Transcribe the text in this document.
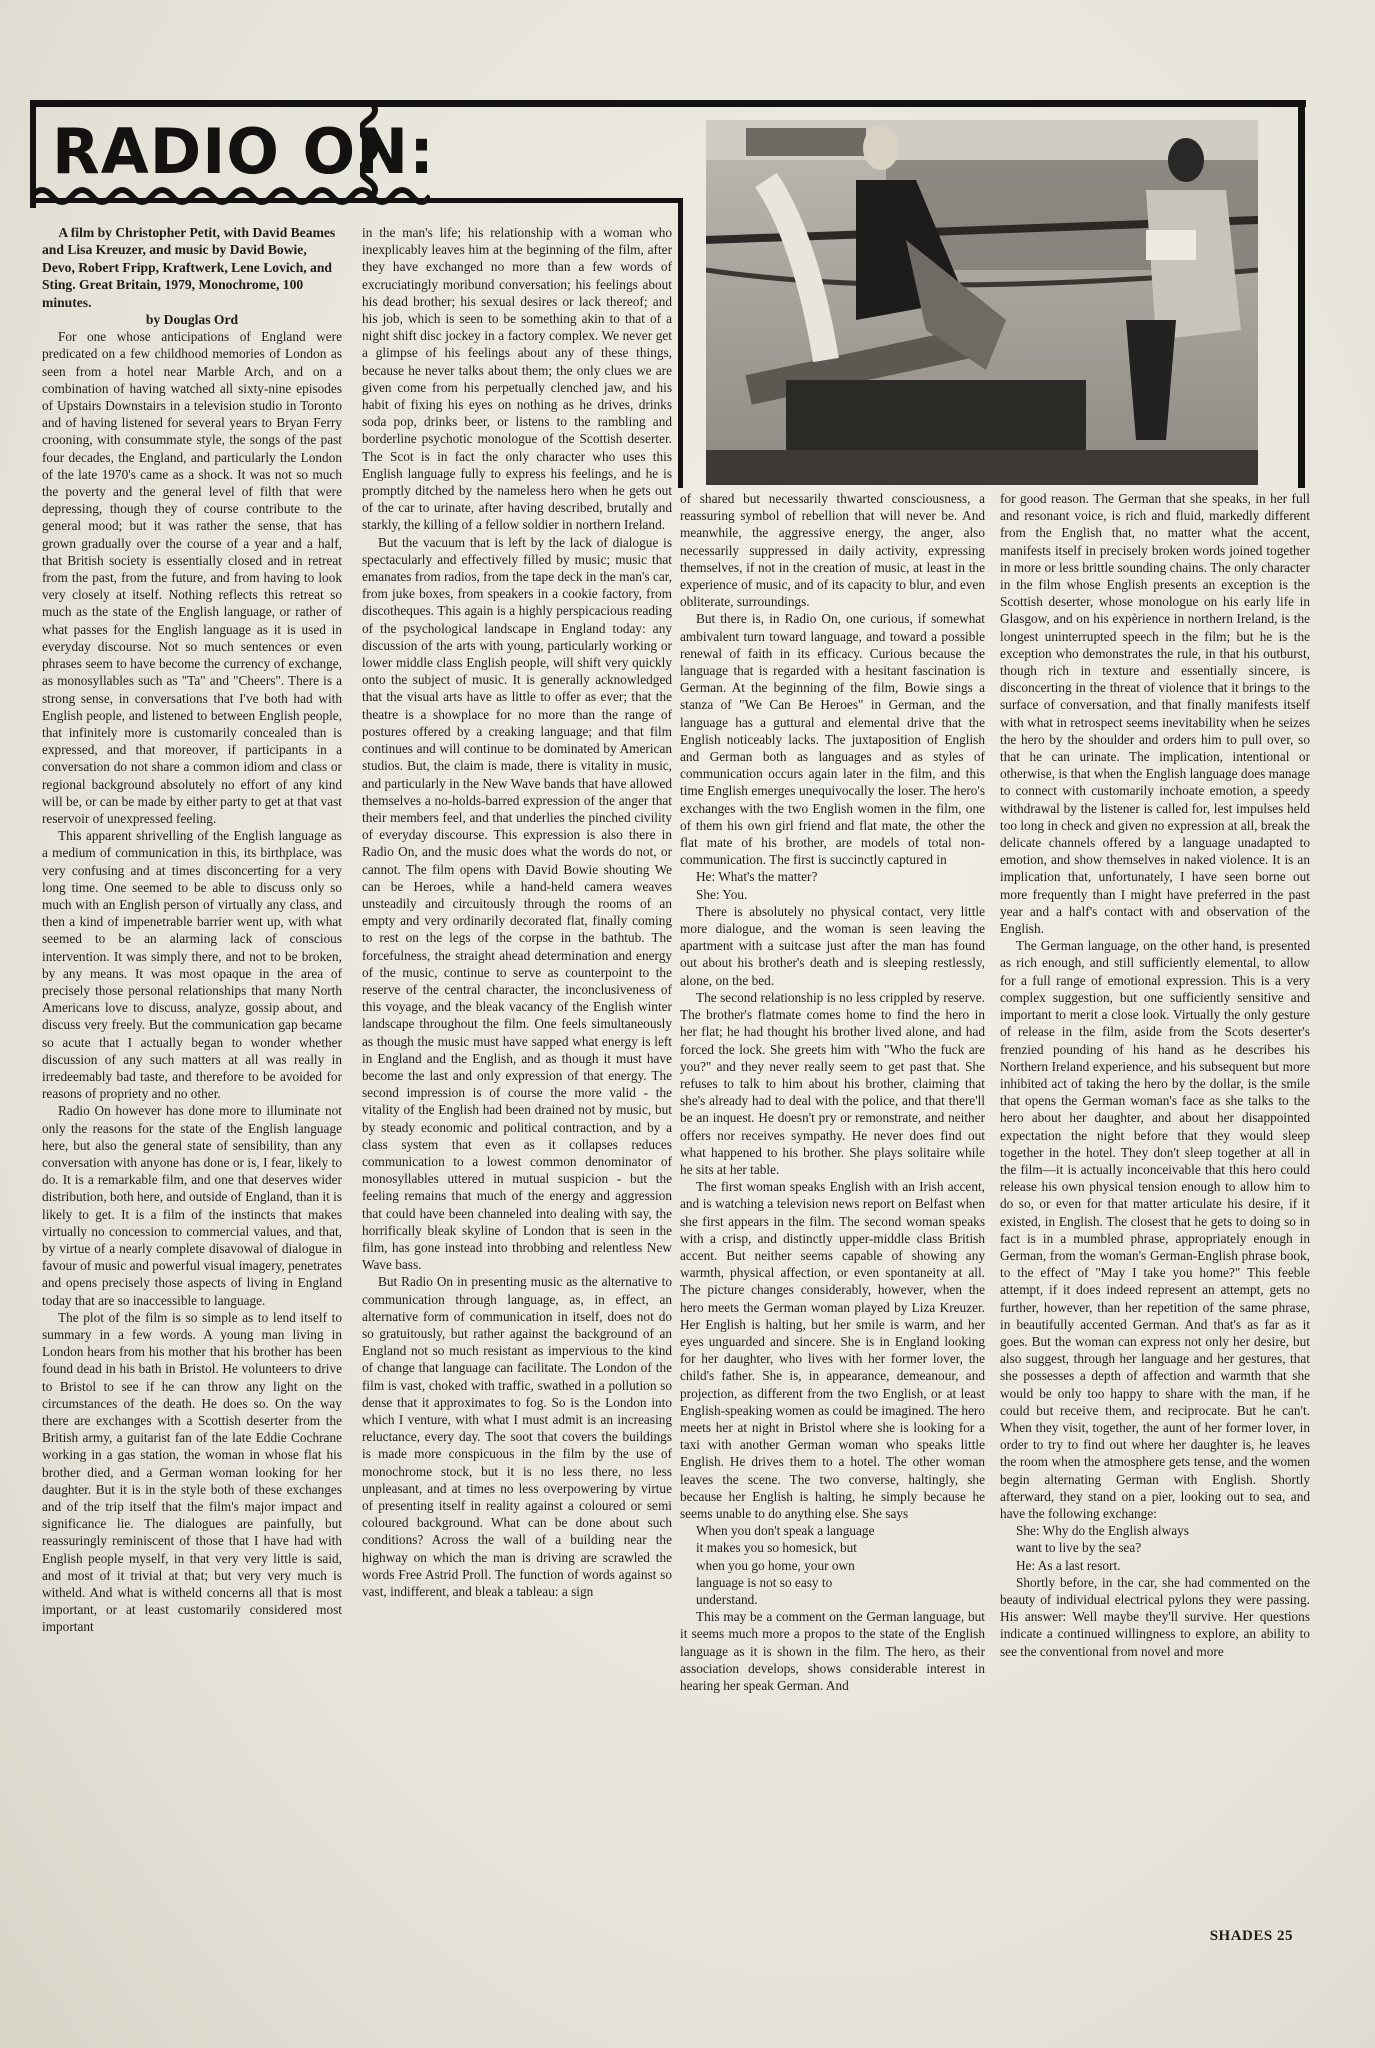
RADIO ON:

A film by Christopher Petit, with David Beames and Lisa Kreuzer, and music by David Bowie, Devo, Robert Fripp, Kraftwerk, Lene Lovich, and Sting. Great Britain, 1979, Monochrome, 100 minutes.

by Douglas Ord

For one whose anticipations of England were predicated on a few childhood memories of London as seen from a hotel near Marble Arch, and on a combination of having watched all sixty-nine episodes of Upstairs Downstairs in a television studio in Toronto and of having listened for several years to Bryan Ferry crooning, with consummate style, the songs of the past four decades, the England, and particularly the London of the late 1970's came as a shock. It was not so much the poverty and the general level of filth that were depressing, though they of course contribute to the general mood; but it was rather the sense, that has grown gradually over the course of a year and a half, that British society is essentially closed and in retreat from the past, from the future, and from having to look very closely at itself. Nothing reflects this retreat so much as the state of the English language, or rather of what passes for the English language as it is used in everyday discourse. Not so much sentences or even phrases seem to have become the currency of exchange, as monosyllables such as "Ta" and "Cheers". There is a strong sense, in conversations that I've both had with English people, and listened to between English people, that infinitely more is customarily concealed than is expressed, and that moreover, if participants in a conversation do not share a common idiom and class or regional background absolutely no effort of any kind will be, or can be made by either party to get at that vast reservoir of unexpressed feeling.

This apparent shrivelling of the English language as a medium of communication in this, its birthplace, was very confusing and at times disconcerting for a very long time. One seemed to be able to discuss only so much with an English person of virtually any class, and then a kind of impenetrable barrier went up, with what seemed to be an alarming lack of conscious intervention. It was simply there, and not to be broken, by any means. It was most opaque in the area of precisely those personal relationships that many North Americans love to discuss, analyze, gossip about, and discuss very freely. But the communication gap became so acute that I actually began to wonder whether discussion of any such matters at all was really in irredeemably bad taste, and therefore to be avoided for reasons of propriety and no other.

Radio On however has done more to illuminate not only the reasons for the state of the English language here, but also the general state of sensibility, than any conversation with anyone has done or is, I fear, likely to do. It is a remarkable film, and one that deserves wider distribution, both here, and outside of England, than it is likely to get. It is a film of the instincts that makes virtually no concession to commercial values, and that, by virtue of a nearly complete disavowal of dialogue in favour of music and powerful visual imagery, penetrates and opens precisely those aspects of living in England today that are so inaccessible to language.

The plot of the film is so simple as to lend itself to summary in a few words. A young man living in London hears from his mother that his brother has been found dead in his bath in Bristol. He volunteers to drive to Bristol to see if he can throw any light on the circumstances of the death. He does so. On the way there are exchanges with a Scottish deserter from the British army, a guitarist fan of the late Eddie Cochrane working in a gas station, the woman in whose flat his brother died, and a German woman looking for her daughter. But it is in the style both of these exchanges and of the trip itself that the film's major impact and significance lie. The dialogues are painfully, but reassuringly reminiscent of those that I have had with English people myself, in that very very little is said, and most of it trivial at that; but very very much is witheld. And what is witheld concerns all that is most important, or at least customarily considered most important

in the man's life; his relationship with a woman who inexplicably leaves him at the beginning of the film, after they have exchanged no more than a few words of excruciatingly moribund conversation; his feelings about his dead brother; his sexual desires or lack thereof; and his job, which is seen to be something akin to that of a night shift disc jockey in a factory complex. We never get a glimpse of his feelings about any of these things, because he never talks about them; the only clues we are given come from his perpetually clenched jaw, and his habit of fixing his eyes on nothing as he drives, drinks soda pop, drinks beer, or listens to the rambling and borderline psychotic monologue of the Scottish deserter. The Scot is in fact the only character who uses this English language fully to express his feelings, and he is promptly ditched by the nameless hero when he gets out of the car to urinate, after having described, brutally and starkly, the killing of a fellow soldier in northern Ireland.

But the vacuum that is left by the lack of dialogue is spectacularly and effectively filled by music; music that emanates from radios, from the tape deck in the man's car, from juke boxes, from speakers in a cookie factory, from discotheques. This again is a highly perspicacious reading of the psychological landscape in England today: any discussion of the arts with young, particularly working or lower middle class English people, will shift very quickly onto the subject of music. It is generally acknowledged that the visual arts have as little to offer as ever; that the theatre is a showplace for no more than the range of postures offered by a creaking language; and that film continues and will continue to be dominated by American studios. But, the claim is made, there is vitality in music, and particularly in the New Wave bands that have allowed themselves a no-holds-barred expression of the anger that their members feel, and that underlies the pinched civility of everyday discourse. This expression is also there in Radio On, and the music does what the words do not, or cannot. The film opens with David Bowie shouting We can be Heroes, while a hand-held camera weaves unsteadily and circuitously through the rooms of an empty and very ordinarily decorated flat, finally coming to rest on the legs of the corpse in the bathtub. The forcefulness, the straight ahead determination and energy of the music, continue to serve as counterpoint to the reserve of the central character, the inconclusiveness of this voyage, and the bleak vacancy of the English winter landscape throughout the film. One feels simultaneously as though the music must have sapped what energy is left in England and the English, and as though it must have become the last and only expression of that energy. The second impression is of course the more valid - the vitality of the English had been drained not by music, but by steady economic and political contraction, and by a class system that even as it collapses reduces communication to a lowest common denominator of monosyllables uttered in mutual suspicion - but the feeling remains that much of the energy and aggression that could have been channeled into dealing with say, the horrifically bleak skyline of London that is seen in the film, has gone instead into throbbing and relentless New Wave bass.

But Radio On in presenting music as the alternative to communication through language, as, in effect, an alternative form of communication in itself, does not do so gratuitously, but rather against the background of an England not so much resistant as impervious to the kind of change that language can facilitate. The London of the film is vast, choked with traffic, swathed in a pollution so dense that it approximates to fog. So is the London into which I venture, with what I must admit is an increasing reluctance, every day. The soot that covers the buildings is made more conspicuous in the film by the use of monochrome stock, but it is no less there, no less unpleasant, and at times no less overpowering by virtue of presenting itself in reality against a coloured or semi coloured background. What can be done about such conditions? Across the wall of a building near the highway on which the man is driving are scrawled the words Free Astrid Proll. The function of words against so vast, indifferent, and bleak a tableau: a sign

of shared but necessarily thwarted consciousness, a reassuring symbol of rebellion that will never be. And meanwhile, the aggressive energy, the anger, also necessarily suppressed in daily activity, expressing themselves, if not in the creation of music, at least in the experience of music, and of its capacity to blur, and even obliterate, surroundings.

But there is, in Radio On, one curious, if somewhat ambivalent turn toward language, and toward a possible renewal of faith in its efficacy. Curious because the language that is regarded with a hesitant fascination is German. At the beginning of the film, Bowie sings a stanza of "We Can Be Heroes" in German, and the language has a guttural and elemental drive that the English noticeably lacks. The juxtaposition of English and German both as languages and as styles of communication occurs again later in the film, and this time English emerges unequivocally the loser. The hero's exchanges with the two English women in the film, one of them his own girl friend and flat mate, the other the flat mate of his brother, are models of total non-communication. The first is succinctly captured in

He: What's the matter?

She: You.

There is absolutely no physical contact, very little more dialogue, and the woman is seen leaving the apartment with a suitcase just after the man has found out about his brother's death and is sleeping restlessly, alone, on the bed.

The second relationship is no less crippled by reserve. The brother's flatmate comes home to find the hero in her flat; he had thought his brother lived alone, and had forced the lock. She greets him with "Who the fuck are you?" and they never really seem to get past that. She refuses to talk to him about his brother, claiming that she's already had to deal with the police, and that there'll be an inquest. He doesn't pry or remonstrate, and neither offers nor receives sympathy. He never does find out what happened to his brother. She plays solitaire while he sits at her table.

The first woman speaks English with an Irish accent, and is watching a television news report on Belfast when she first appears in the film. The second woman speaks with a crisp, and distinctly upper-middle class British accent. But neither seems capable of showing any warmth, physical affection, or even spontaneity at all. The picture changes considerably, however, when the hero meets the German woman played by Liza Kreuzer. Her English is halting, but her smile is warm, and her eyes unguarded and sincere. She is in England looking for her daughter, who lives with her former lover, the child's father. She is, in appearance, demeanour, and projection, as different from the two English, or at least English-speaking women as could be imagined. The hero meets her at night in Bristol where she is looking for a taxi with another German woman who speaks little English. He drives them to a hotel. The other woman leaves the scene. The two converse, haltingly, she because her English is halting, he simply because he seems unable to do anything else. She says

When you don't speak a language

it makes you so homesick, but

when you go home, your own

language is not so easy to

understand.

This may be a comment on the German language, but it seems much more a propos to the state of the English language as it is shown in the film. The hero, as their association develops, shows considerable interest in hearing her speak German. And

for good reason. The German that she speaks, in her full and resonant voice, is rich and fluid, markedly different from the English that, no matter what the accent, manifests itself in precisely broken words joined together in more or less brittle sounding chains. The only character in the film whose English presents an exception is the Scottish deserter, whose monologue on his early life in Glasgow, and on his expèrience in northern Ireland, is the longest uninterrupted speech in the film; but he is the exception who demonstrates the rule, in that his outburst, though rich in texture and essentially sincere, is disconcerting in the threat of violence that it brings to the surface of conversation, and that finally manifests itself with what in retrospect seems inevitability when he seizes the hero by the shoulder and orders him to pull over, so that he can urinate. The implication, intentional or otherwise, is that when the English language does manage to connect with customarily inchoate emotion, a speedy withdrawal by the listener is called for, lest impulses held too long in check and given no expression at all, break the delicate channels offered by a language unadapted to emotion, and show themselves in naked violence. It is an implication that, unfortunately, I have seen borne out more frequently than I might have preferred in the past year and a half's contact with and observation of the English.

The German language, on the other hand, is presented as rich enough, and still sufficiently elemental, to allow for a full range of emotional expression. This is a very complex suggestion, but one sufficiently sensitive and important to merit a close look. Virtually the only gesture of release in the film, aside from the Scots deserter's frenzied pounding of his hand as he describes his Northern Ireland experience, and his subsequent but more inhibited act of taking the hero by the dollar, is the smile that opens the German woman's face as she talks to the hero about her daughter, and about her disappointed expectation the night before that they would sleep together in the hotel. They don't sleep together at all in the film—it is actually inconceivable that this hero could release his own physical tension enough to allow him to do so, or even for that matter articulate his desire, if it existed, in English. The closest that he gets to doing so in fact is in a mumbled phrase, appropriately enough in German, from the woman's German-English phrase book, to the effect of "May I take you home?" This feeble attempt, if it does indeed represent an attempt, gets no further, however, than her repetition of the same phrase, in beautifully accented German. And that's as far as it goes. But the woman can express not only her desire, but also suggest, through her language and her gestures, that she possesses a depth of affection and warmth that she would be only too happy to share with the man, if he could but receive them, and reciprocate. But he can't. When they visit, together, the aunt of her former lover, in order to try to find out where her daughter is, he leaves the room when the atmosphere gets tense, and the women begin alternating German with English. Shortly afterward, they stand on a pier, looking out to sea, and have the following exchange:

She: Why do the English always

want to live by the sea?

He: As a last resort.

Shortly before, in the car, she had commented on the beauty of individual electrical pylons they were passing. His answer: Well maybe they'll survive. Her questions indicate a continued willingness to explore, an ability to see the conventional from novel and more

SHADES 25
